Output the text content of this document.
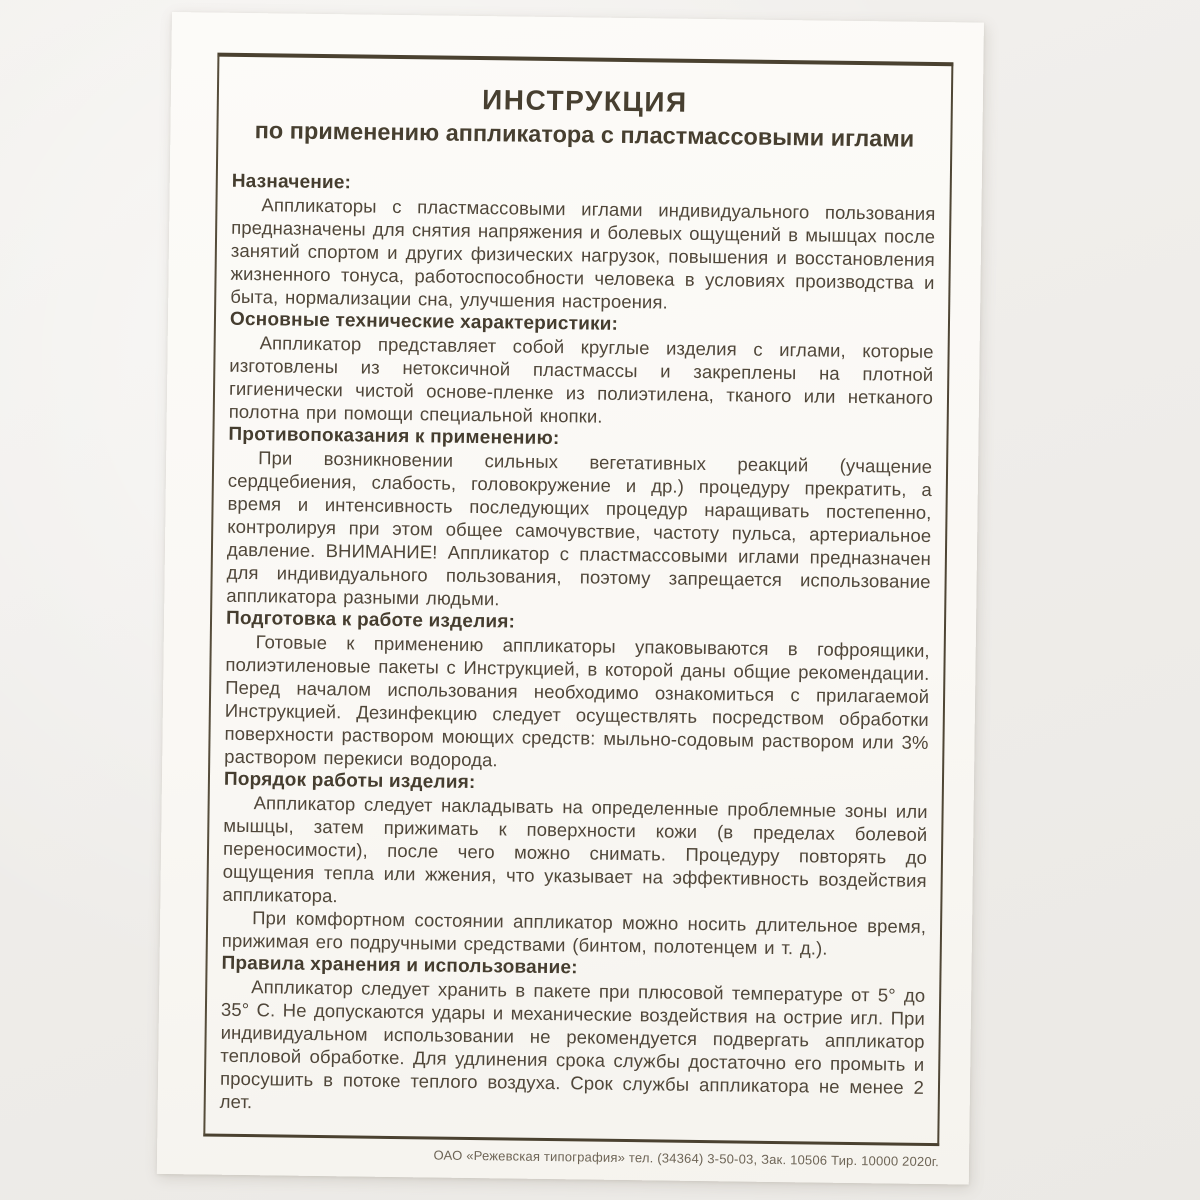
ИНСТРУКЦИЯ
по применению аппликатора с пластмассовыми иглами
Назначение:

Аппликаторы с пластмассовыми иглами индивидуального пользования предназначены для снятия напряжения и болевых ощущений в мышцах после занятий спортом и других физических нагрузок, повышения и восстановления жизненного тонуса, работоспособности человека в условиях производства и быта, нормализации сна, улучшения настроения.

Основные технические характеристики:

Аппликатор представляет собой круглые изделия с иглами, которые изготовлены из нетоксичной пластмассы и закреплены на плотной гигиенически чистой основе-пленке из полиэтилена, тканого или нетканого полотна при помощи специальной кнопки.

Противопоказания к применению:

При возникновении сильных вегетативных реакций (учащение сердцебиения, слабость, головокружение и др.) процедуру прекратить, а время и интенсивность последующих процедур наращивать постепенно, контролируя при этом общее самочувствие, частоту пульса, артериальное давление. ВНИМАНИЕ! Аппликатор с пластмассовыми иглами предназначен для индивидуального пользования, поэтому запрещается использование аппликатора разными людьми.

Подготовка к работе изделия:

Готовые к применению аппликаторы упаковываются в гофроящики, полиэтиленовые пакеты с Инструкцией, в которой даны общие рекомендации. Перед началом использования необходимо ознакомиться с прилагаемой Инструкцией. Дезинфекцию следует осуществлять посредством обработки поверхности раствором моющих средств: мыльно-содовым раствором или 3% раствором перекиси водорода.

Порядок работы изделия:

Аппликатор следует накладывать на определенные проблемные зоны или мышцы, затем прижимать к поверхности кожи (в пределах болевой переносимости), после чего можно снимать. Процедуру повторять до ощущения тепла или жжения, что указывает на эффективность воздействия аппликатора.

При комфортном состоянии аппликатор можно носить длительное время, прижимая его подручными средствами (бинтом, полотенцем и т. д.).

Правила хранения и использование:

Аппликатор следует хранить в пакете при плюсовой температуре от 5° до 35° С. Не допускаются удары и механические воздействия на острие игл. При индивидуальном использовании не рекомендуется подвергать аппликатор тепловой обработке. Для удлинения срока службы достаточно его промыть и просушить в потоке теплого воздуха. Срок службы аппликатора не менее 2 лет.

ОАО «Режевская типография» тел. (34364) 3-50-03, Зак. 10506 Тир. 10000 2020г.
